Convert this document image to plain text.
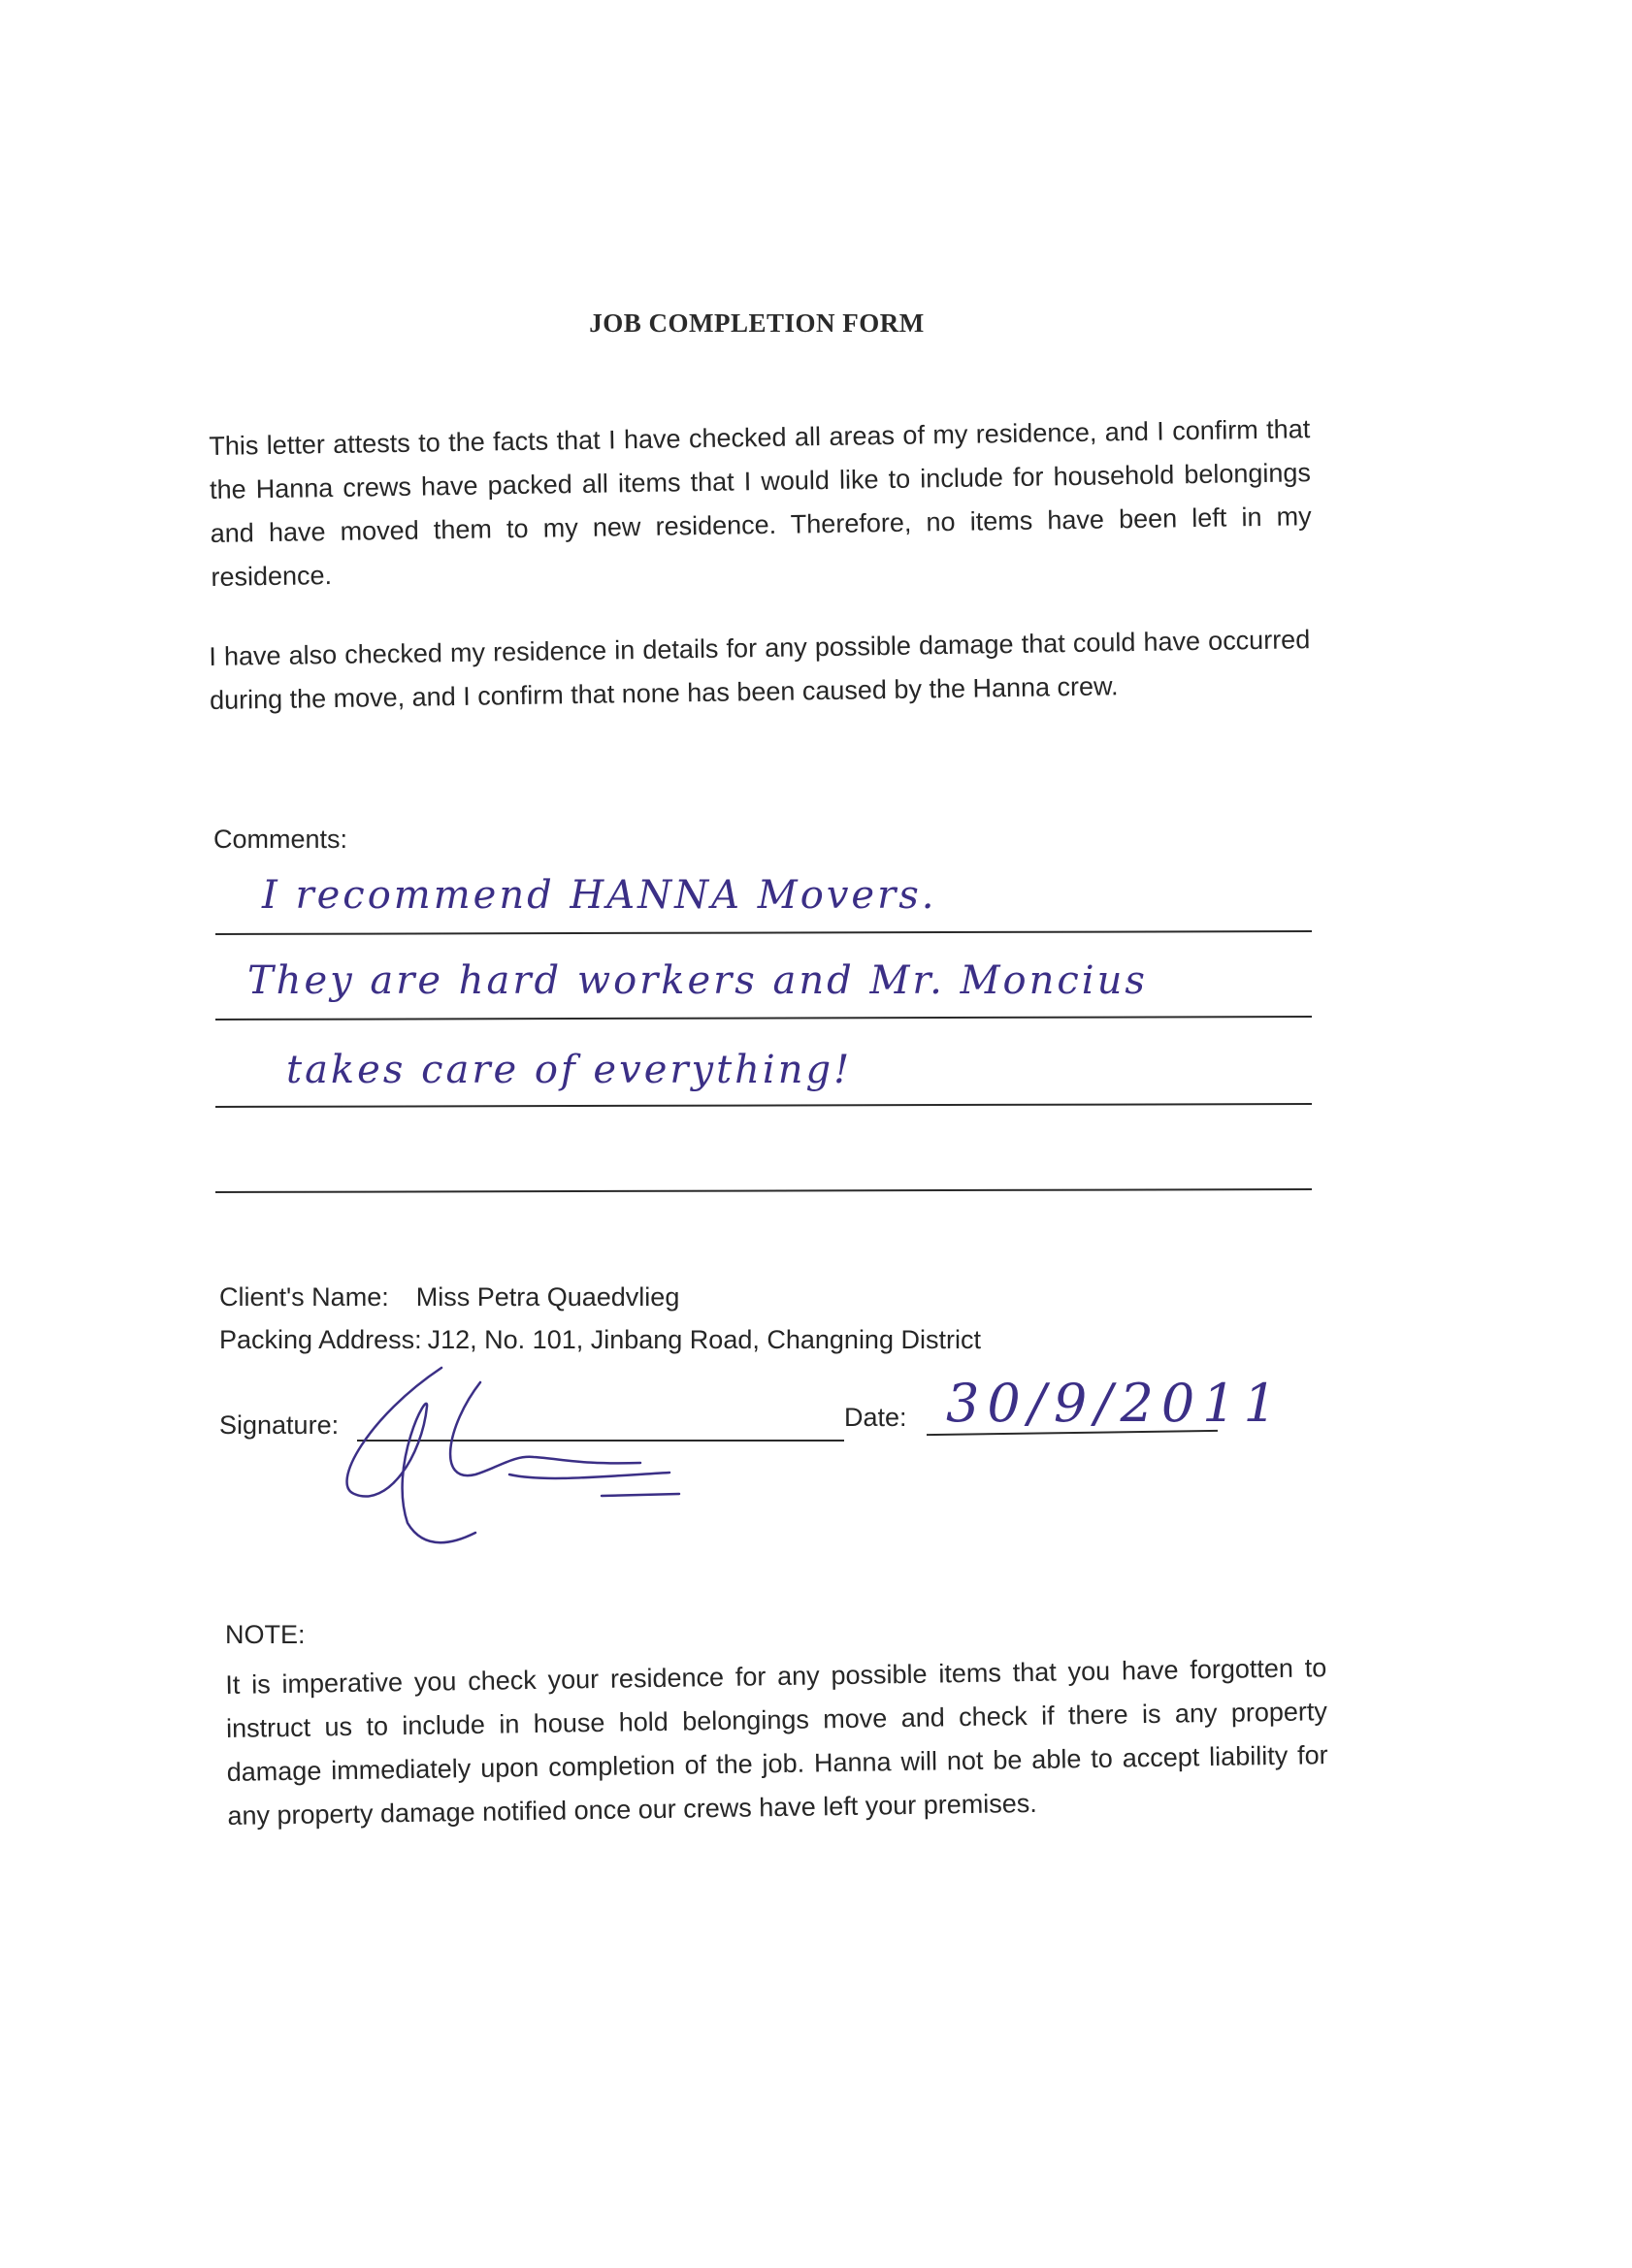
JOB COMPLETION FORM
This letter attests to the facts that I have checked all areas of my residence, and I confirm that the Hanna crews have packed all items that I would like to include for household belongings and have moved them to my new residence. Therefore, no items have been left in my residence.
I have also checked my residence in details for any possible damage that could have occurred during the move, and I confirm that none has been caused by the Hanna crew.
Comments:
I recommend HANNA Movers.
They are hard workers and Mr. Moncius
takes care of everything!
Client's Name: Miss Petra Quaedvlieg
Packing Address: J12, No. 101, Jinbang Road, Changning District
Signature:	Date: 30/9/2011
NOTE:
It is imperative you check your residence for any possible items that you have forgotten to instruct us to include in house hold belongings move and check if there is any property damage immediately upon completion of the job. Hanna will not be able to accept liability for any property damage notified once our crews have left your premises.
